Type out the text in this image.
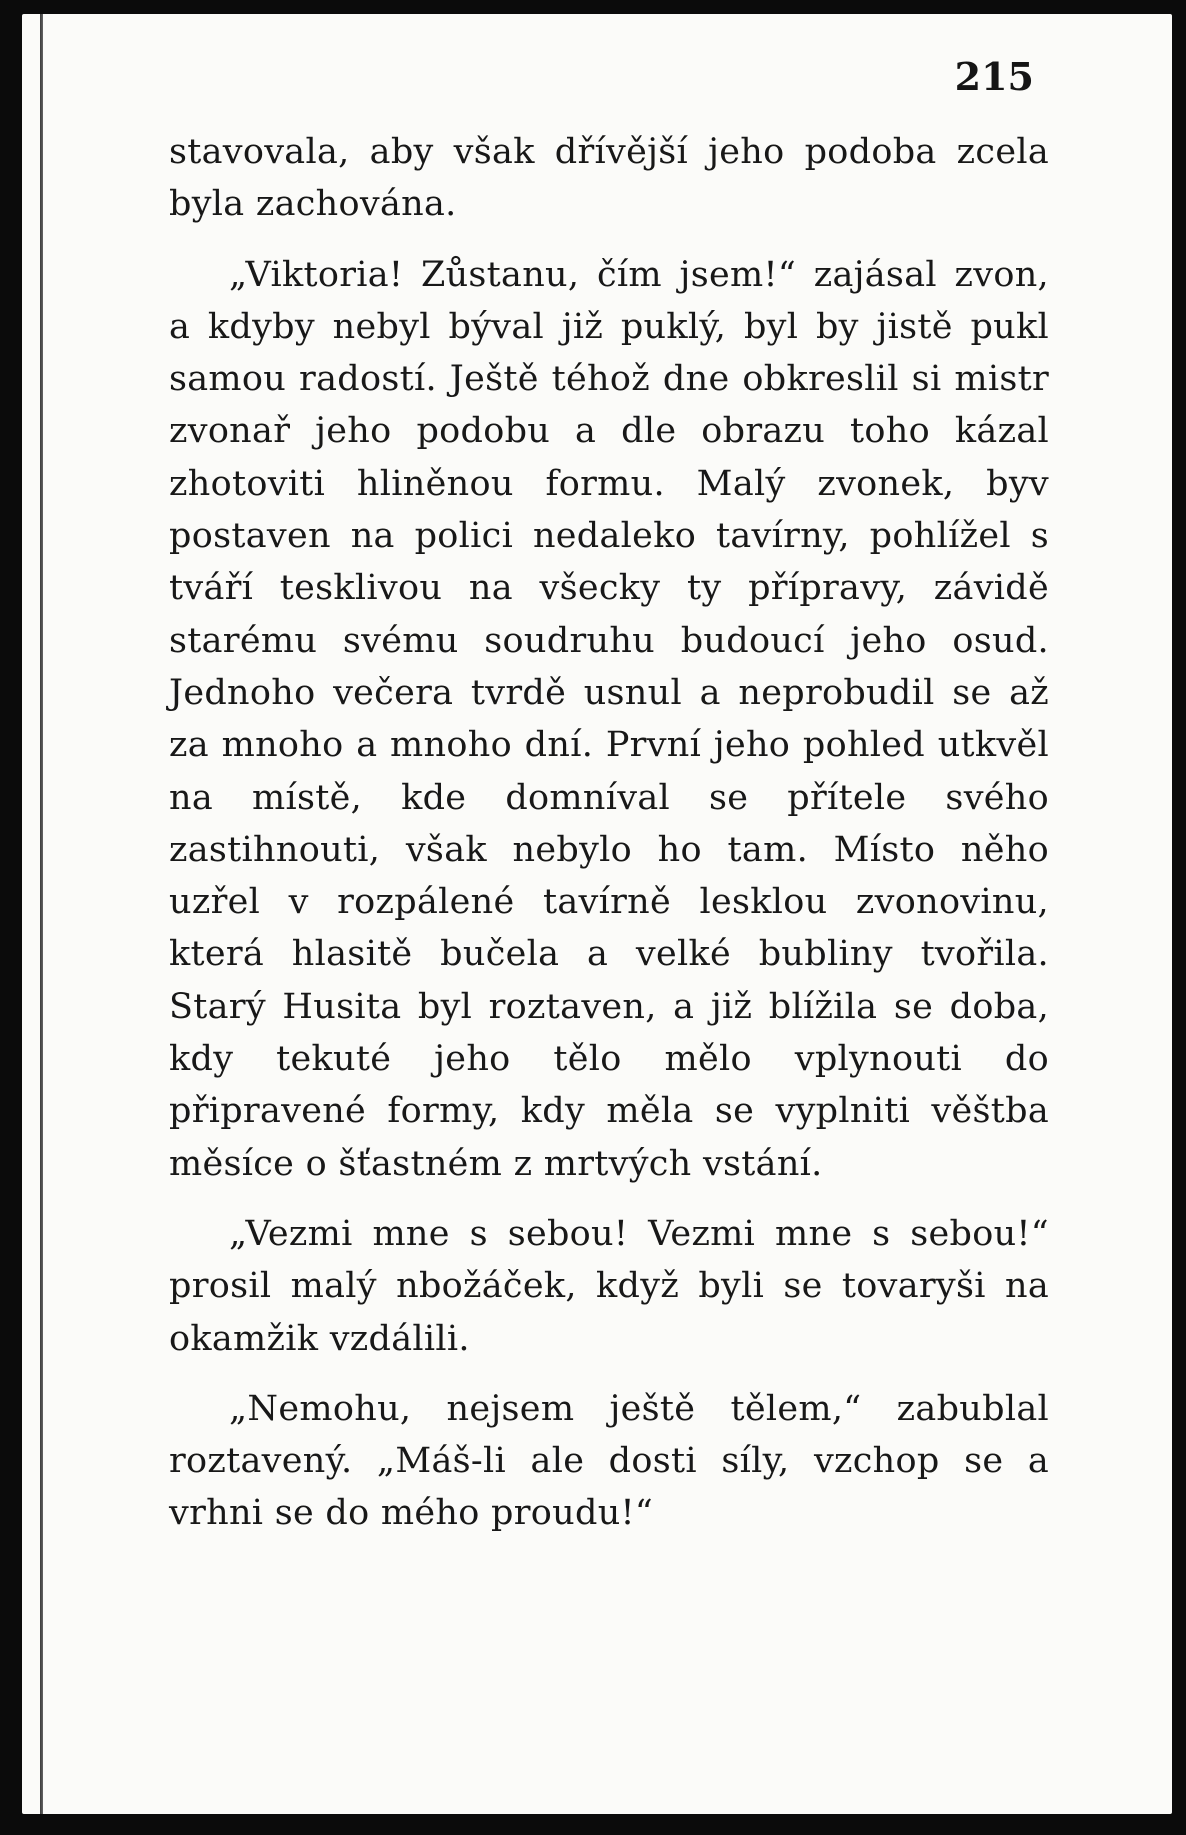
215

stavovala, aby však dřívější jeho podoba zcela byla zachována.

„Viktoria! Zůstanu, čím jsem!“ zajásal zvon, a kdyby nebyl býval již puklý, byl by jistě pukl samou radostí. Ještě téhož dne obkreslil si mistr zvonař jeho podobu a dle obrazu toho kázal zhotoviti hliněnou formu. Malý zvonek, byv postaven na polici nedaleko tavírny, pohlížel s tváří tesklivou na všecky ty přípravy, závidě starému svému soudruhu budoucí jeho osud. Jednoho večera tvrdě usnul a neprobudil se až za mnoho a mnoho dní. První jeho pohled utkvěl na místě, kde domníval se přítele svého zastihnouti, však nebylo ho tam. Místo něho uzřel v rozpálené tavírně lesklou zvonovinu, která hlasitě bučela a velké bubliny tvořila. Starý Husita byl roztaven, a již blížila se doba, kdy tekuté jeho tělo mělo vplynouti do připravené formy, kdy měla se vyplniti věštba měsíce o šťastném z mrtvých vstání.

„Vezmi mne s sebou! Vezmi mne s sebou!“ prosil malý nbožáček, když byli se tovaryši na okamžik vzdálili.

„Nemohu, nejsem ještě tělem,“ zabublal roztavený. „Máš-li ale dosti síly, vzchop se a vrhni se do mého proudu!“
